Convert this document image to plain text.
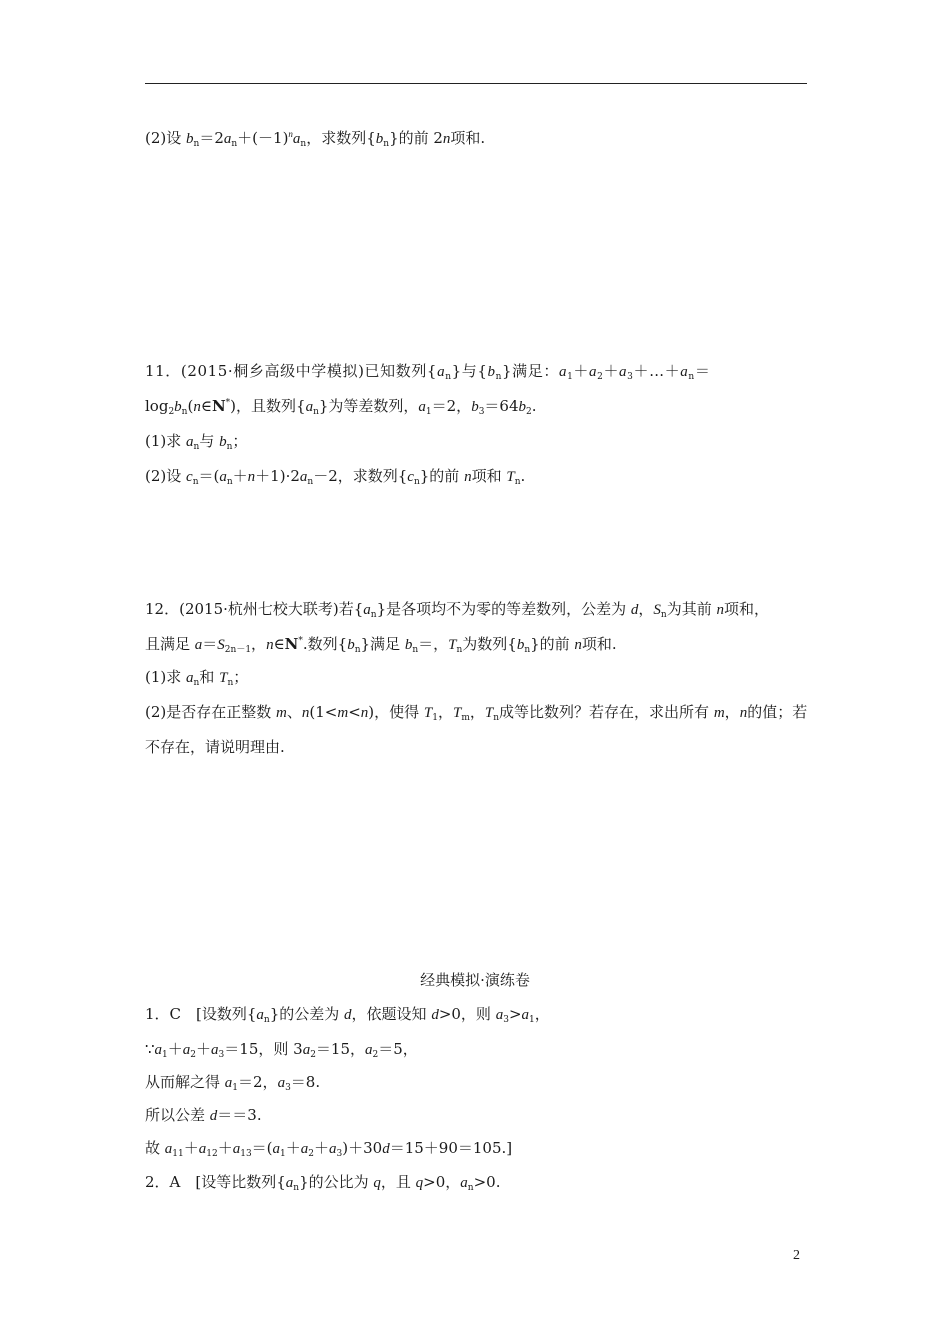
(2)设 $b_n=2a_n+(-1)^na_n$，求数列$\{b_n\}$的前 2n项和.
11．(2015·桐乡高级中学模拟)已知数列$\{a_n\}$与$\{b_n\}$满足：$a_1+a_2+a_3+\dots+a_n=$
$\log_2b_n(n\in N^*)$，且数列$\{a_n\}$为等差数列，$a_1=2$，$b_3=64b_2$.
(1)求 $a_n$与 $b_n$；
(2)设 $c_n=(a_n+n+1)\cdot 2a_n-2$，求数列$\{c_n\}$的前 n项和 $T_n$.
12．(2015·杭州七校大联考)若$\{a_n\}$是各项均不为零的等差数列，公差为 d，$S_n$为其前 n项和，
且满足 $a=S_{2n-1}$，n∈N*.数列$\{b_n\}$满足 $b_n=$，$T_n$为数列$\{b_n\}$的前 n项和.
(1)求 $a_n$和 $T_n$；
(2)是否存在正整数 m、n(1<m<n)，使得 $T_1$，$T_m$，$T_n$成等比数列？若存在，求出所有 m，n的值；若
不存在，请说明理由.
经典模拟·演练卷
1．C　[设数列$\{a_n\}$的公差为 d，依题设知 d>0，则 $a_3>a_1$，
$\because a_1+a_2+a_3=15$，则 $3a_2=15$，$a_2=5$，
从而解之得 $a_1=2$，$a_3=8$.
所以公差 d＝＝3.
故 $a_{11}+a_{12}+a_{13}=(a_1+a_2+a_3)+30d=15+90=105$.]
2．A　[设等比数列$\{a_n\}$的公比为 q，且 q>0，$a_n>0$.
2
